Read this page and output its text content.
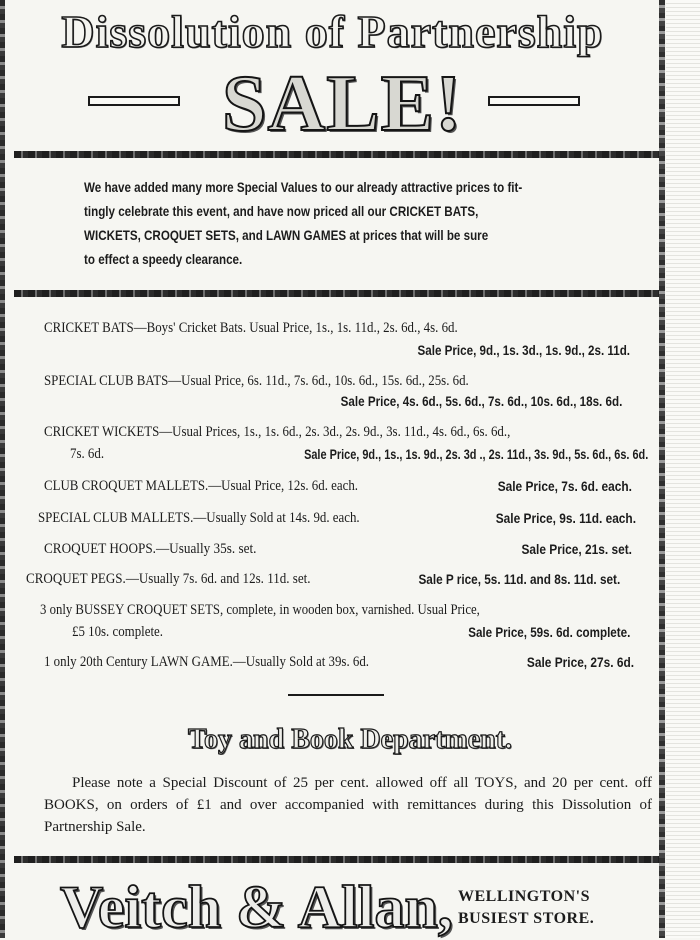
Dissolution of Partnership
SALE!

We have added many more Special Values to our already attractive prices to fit-

tingly celebrate this event, and have now priced all our CRICKET BATS,

WICKETS, CROQUET SETS, and LAWN GAMES at prices that will be sure

to effect a speedy clearance.

CRICKET BATS—Boys' Cricket Bats. Usual Price, 1s., 1s. 11d., 2s. 6d., 4s. 6d.
Sale Price, 9d., 1s. 3d., 1s. 9d., 2s. 11d.
SPECIAL CLUB BATS—Usual Price, 6s. 11d., 7s. 6d., 10s. 6d., 15s. 6d., 25s. 6d.
Sale Price, 4s. 6d., 5s. 6d., 7s. 6d., 10s. 6d., 18s. 6d.
CRICKET WICKETS—Usual Prices, 1s., 1s. 6d., 2s. 3d., 2s. 9d., 3s. 11d., 4s. 6d., 6s. 6d.,
7s. 6d.	Sale Price, 9d., 1s., 1s. 9d., 2s. 3d ., 2s. 11d., 3s. 9d., 5s. 6d., 6s. 6d.
CLUB CROQUET MALLETS.—Usual Price, 12s. 6d. each.	Sale Price, 7s. 6d. each.
SPECIAL CLUB MALLETS.—Usually Sold at 14s. 9d. each.	Sale Price, 9s. 11d. each.
CROQUET HOOPS.—Usually 35s. set.	Sale Price, 21s. set.
CROQUET PEGS.—Usually 7s. 6d. and 12s. 11d. set.	Sale P rice, 5s. 11d. and 8s. 11d. set.
3 only BUSSEY CROQUET SETS, complete, in wooden box, varnished. Usual Price,
£5 10s. complete.	Sale Price, 59s. 6d. complete.
1 only 20th Century LAWN GAME.—Usually Sold at 39s. 6d.	Sale Price, 27s. 6d.
Toy and Book Department.

Please note a Special Discount of 25 per cent. allowed off all TOYS, and 20 per cent. off BOOKS, on orders of £1 and over accompanied with remittances during this Dissolution of Partnership Sale.

Veitch & Allan, WELLINGTON'S
BUSIEST STORE.
